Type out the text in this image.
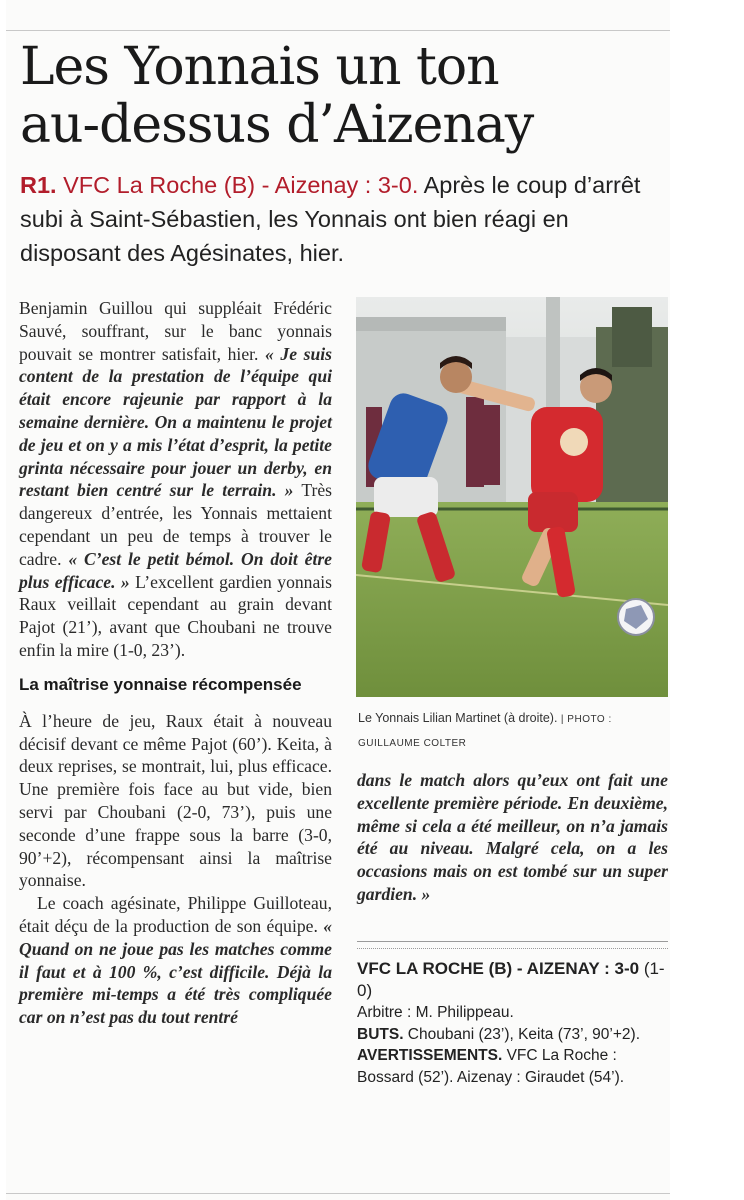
Les Yonnais un ton
au-dessus d’Aizenay

R1. VFC La Roche (B) - Aizenay : 3-0. Après le coup d’arrêt subi à Saint-Sébastien, les Yonnais ont bien réagi en disposant des Agésinates, hier.

Benjamin Guillou qui suppléait Frédéric Sauvé, souffrant, sur le banc yonnais pouvait se montrer satisfait, hier. « Je suis content de la prestation de l’équipe qui était encore rajeunie par rapport à la semaine dernière. On a maintenu le projet de jeu et on y a mis l’état d’esprit, la petite grinta nécessaire pour jouer un derby, en restant bien centré sur le terrain. » Très dangereux d’entrée, les Yonnais mettaient cependant un peu de temps à trouver le cadre. « C’est le petit bémol. On doit être plus efficace. » L’excellent gardien yonnais Raux veillait cependant au grain devant Pajot (21’), avant que Choubani ne trouve enfin la mire (1-0, 23’).

La maîtrise yonnaise récompensée

À l’heure de jeu, Raux était à nouveau décisif devant ce même Pajot (60’). Keita, à deux reprises, se montrait, lui, plus efficace. Une première fois face au but vide, bien servi par Choubani (2-0, 73’), puis une seconde d’une frappe sous la barre (3-0, 90’+2), récompensant ainsi la maîtrise yonnaise.

Le coach agésinate, Philippe Guilloteau, était déçu de la production de son équipe. « Quand on ne joue pas les matches comme il faut et à 100 %, c’est difficile. Déjà la première mi-temps a été très compliquée car on n’est pas du tout rentré

Le Yonnais Lilian Martinet (à droite). | PHOTO : GUILLAUME COLTER

dans le match alors qu’eux ont fait une excellente première période. En deuxième, même si cela a été meilleur, on n’a jamais été au niveau. Malgré cela, on a les occasions mais on est tombé sur un super gardien. »

VFC LA ROCHE (B) - AIZENAY : 3-0 (1-0)

Arbitre : M. Philippeau.

BUTS. Choubani (23’), Keita (73’, 90’+2).

AVERTISSEMENTS. VFC La Roche : Bossard (52’). Aizenay : Giraudet (54’).
